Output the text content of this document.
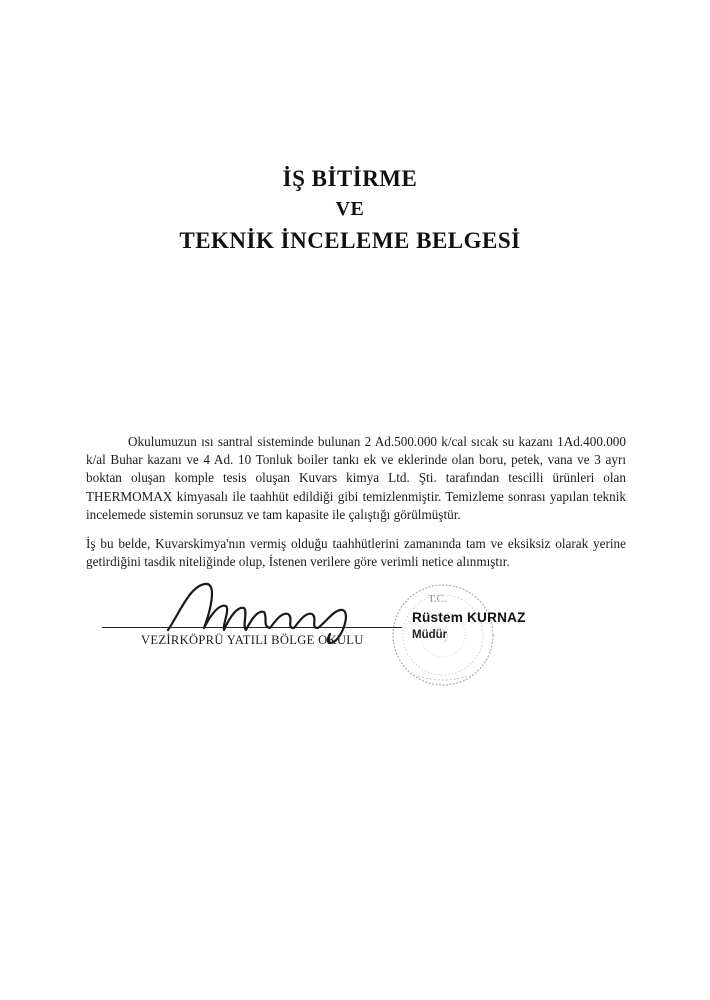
İŞ BİTİRME
VE
TEKNİK İNCELEME BELGESİ
Okulumuzun ısı santral sisteminde bulunan 2 Ad.500.000 k/cal sıcak su kazanı 1Ad.400.000 k/al Buhar kazanı ve 4 Ad. 10 Tonluk boiler tankı ek ve eklerinde olan boru, petek, vana ve 3 ayrı boktan oluşan komple tesis oluşan Kuvars kimya Ltd. Şti. tarafından tescilli ürünleri olan THERMOMAX kimyasalı ile taahhüt edildiği gibi temizlenmiştir. Temizleme sonrası yapılan teknik incelemede sistemin sorunsuz ve tam kapasite ile çalıştığı görülmüştür.
İş bu belde, Kuvarskimya'nın vermiş olduğu taahhütlerini zamanında tam ve eksiksiz olarak yerine getirdiğini tasdik niteliğinde olup, İstenen verilere göre verimli netice alınmıştır.
T.C.
VEZİRKÖPRÜ YATILI BÖLGE OKULU
Rüstem KURNAZ
Müdür
